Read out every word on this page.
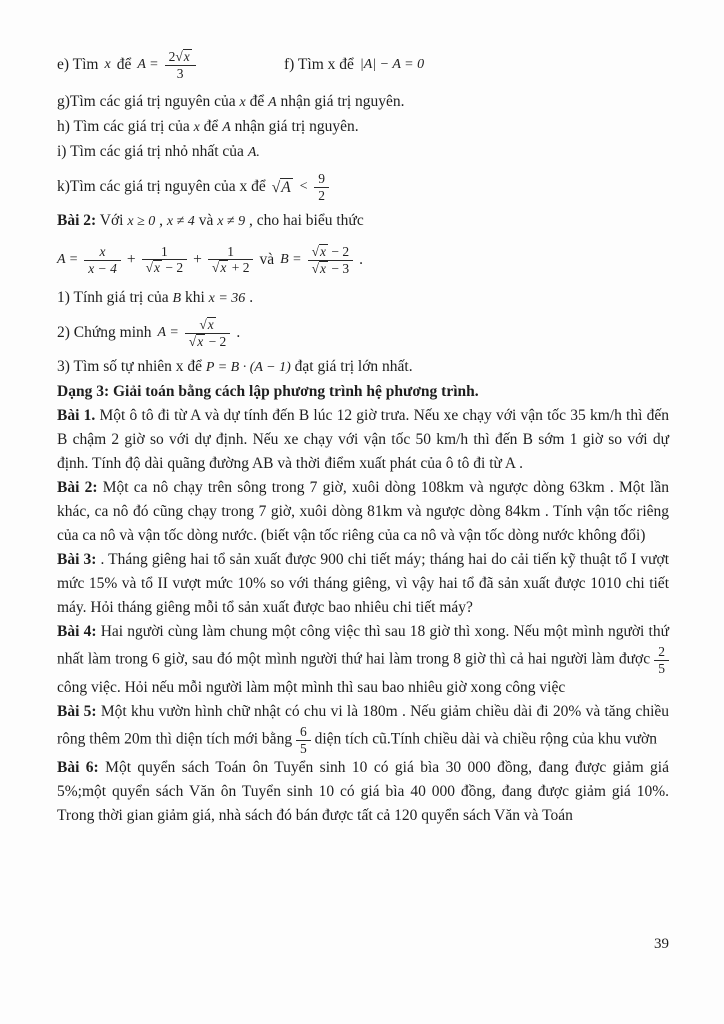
e) Tìm x để $A = \frac{2 √ x}{3}$	f) Tìm x để |A| − A = 0
g)Tìm các giá trị nguyên của x để A nhận giá trị nguyên.
h) Tìm các giá trị của x để A nhận giá trị nguyên.
i) Tìm các giá trị nhỏ nhất của A.
k)Tìm các giá trị nguyên của x để	√ $A < \frac{9}{2}$
Bài 2: Với x ≥ 0 , x ≠ 4 và x ≠ 9 , cho hai biểu thức
$A = \frac{x}{x - 4} + 1$
√ x − 2 + 1
√ x + 2 và B = √ x − 2
√ x − 3 .
1) Tính giá trị của B khi x = 36 .
2) Chứng minh A = √ x
√ x − 2 .
3) Tìm số tự nhiên x để P = B · (A − 1) đạt giá trị lớn nhất.
Dạng 3: Giải toán bằng cách lập phương trình hệ phương trình.

Bài 1. Một ô tô đi từ A và dự tính đến B lúc 12 giờ trưa. Nếu xe chạy với vận tốc 35 km/h thì đến B chậm 2 giờ so với dự định. Nếu xe chạy với vận tốc 50 km/h thì đến B sớm 1 giờ so với dự định. Tính độ dài quãng đường AB và thời điểm xuất phát của ô tô đi từ A .

Bài 2: Một ca nô chạy trên sông trong 7 giờ, xuôi dòng 108km và ngược dòng 63km . Một lần khác, ca nô đó cũng chạy trong 7 giờ, xuôi dòng 81km và ngược dòng 84km . Tính vận tốc riêng của ca nô và vận tốc dòng nước. (biết vận tốc riêng của ca nô và vận tốc dòng nước không đổi)

Bài 3: . Tháng giêng hai tổ sản xuất được 900 chi tiết máy; tháng hai do cải tiến kỹ thuật tổ I vượt mức 15% và tổ II vượt mức 10% so với tháng giêng, vì vậy hai tổ đã sản xuất được 1010 chi tiết máy. Hỏi tháng giêng mỗi tổ sản xuất được bao nhiêu chi tiết máy?

Bài 4: Hai người cùng làm chung một công việc thì sau 18 giờ thì xong. Nếu một mình người thứ nhất làm trong 6 giờ, sau đó một mình người thứ hai làm trong 8 giờ thì cả hai người làm được $\frac{2}{5}$
công việc. Hỏi nếu mỗi người làm một mình thì sau bao nhiêu giờ xong công việc

Bài 5: Một khu vườn hình chữ nhật có chu vi là 180m . Nếu giảm chiều dài đi 20% và tăng chiều rông thêm 20m thì diện tích mới bằng $\frac{6}{5}$ diện tích cũ.Tính chiều dài và chiều rộng của khu vườn

Bài 6: Một quyển sách Toán ôn Tuyển sinh 10 có giá bìa 30 000 đồng, đang được giảm giá 5%;một quyển sách Văn ôn Tuyển sinh 10 có giá bìa 40 000 đồng, đang được giảm giá 10%. Trong thời gian giảm giá, nhà sách đó bán được tất cả 120 quyển sách Văn và Toán

39
